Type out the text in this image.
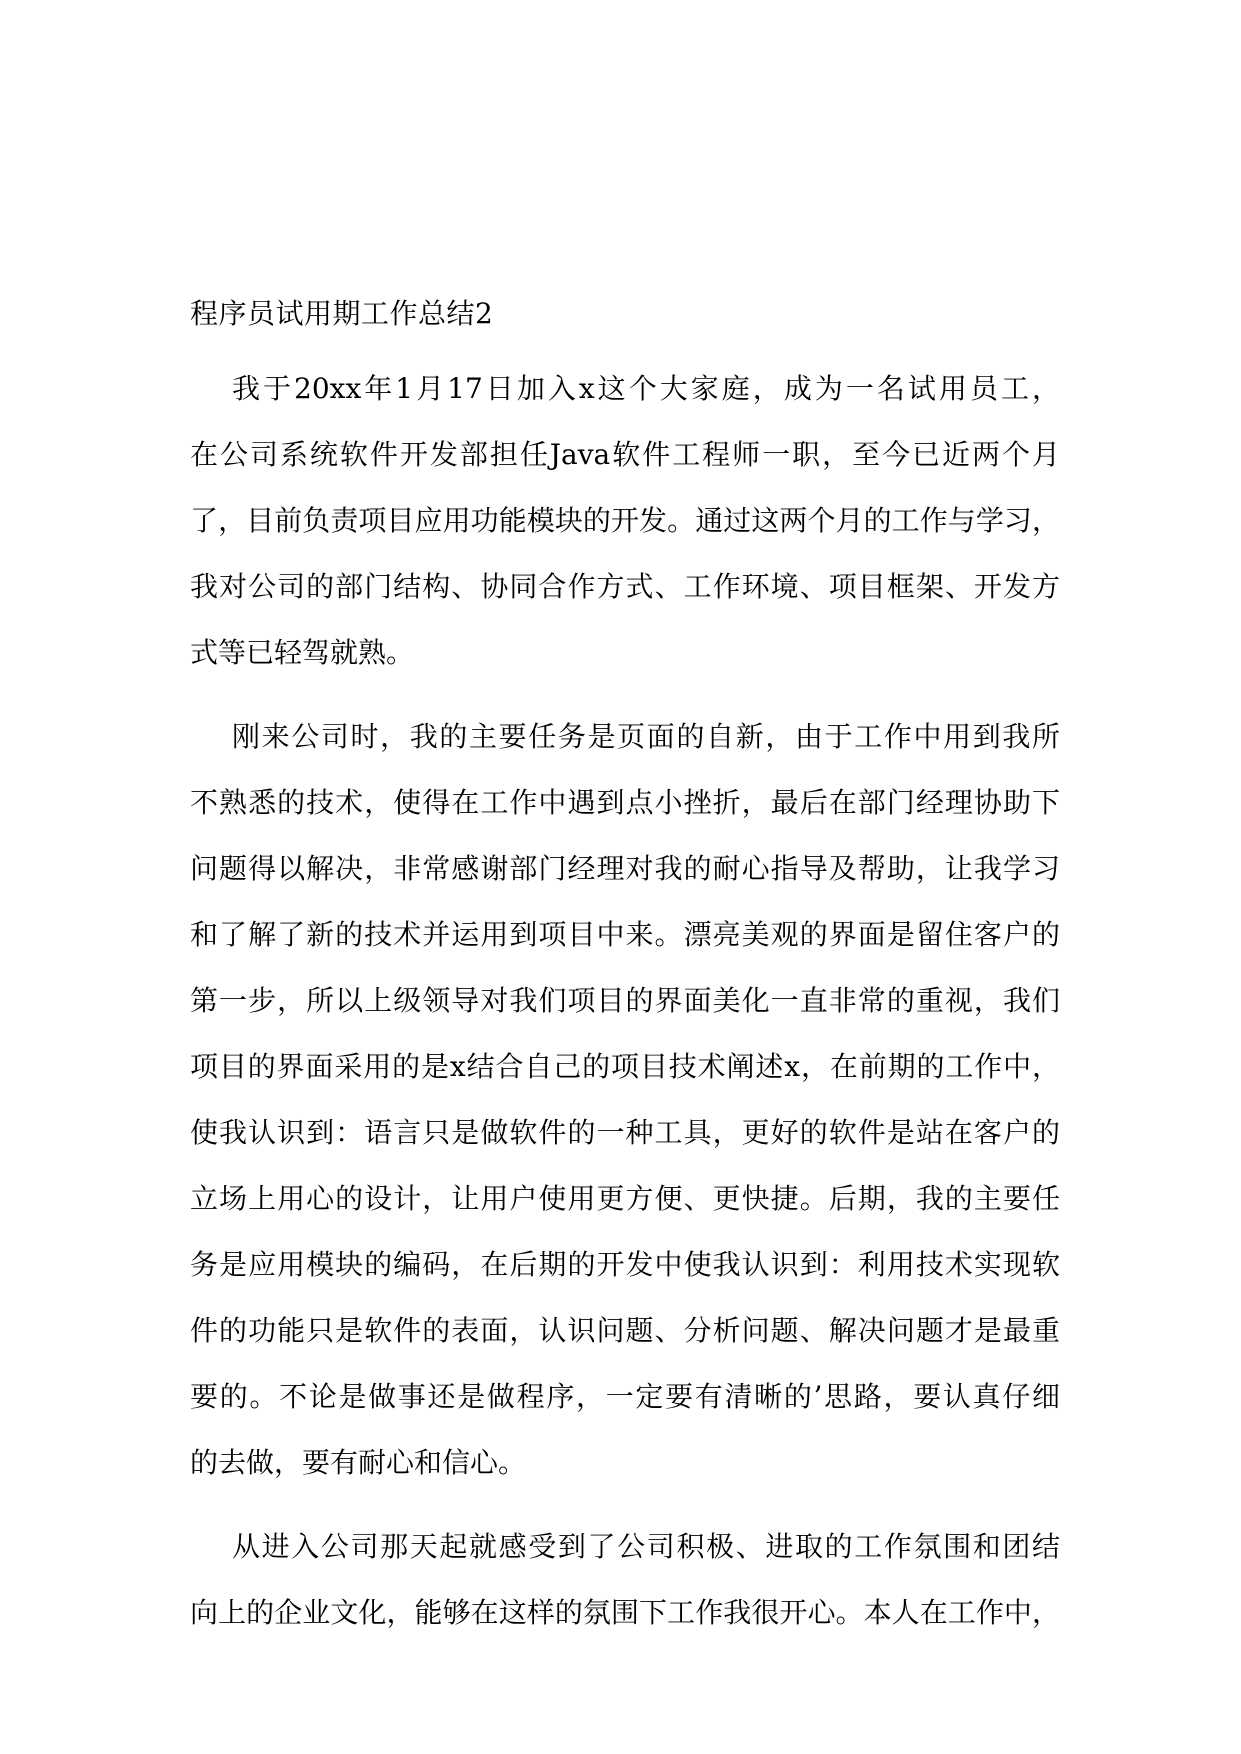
程序员试用期工作总结2
我于20xx年1月17日加入x这个大家庭，成为一名试用员工，
在公司系统软件开发部担任Java软件工程师一职，至今已近两个月
了，目前负责项目应用功能模块的开发。通过这两个月的工作与学习，
我对公司的部门结构、协同合作方式、工作环境、项目框架、开发方
式等已轻驾就熟。
刚来公司时，我的主要任务是页面的自新，由于工作中用到我所
不熟悉的技术，使得在工作中遇到点小挫折，最后在部门经理协助下
问题得以解决，非常感谢部门经理对我的耐心指导及帮助，让我学习
和了解了新的技术并运用到项目中来。漂亮美观的界面是留住客户的
第一步，所以上级领导对我们项目的界面美化一直非常的重视，我们
项目的界面采用的是x结合自己的项目技术阐述x，在前期的工作中，
使我认识到：语言只是做软件的一种工具，更好的软件是站在客户的
立场上用心的设计，让用户使用更方便、更快捷。后期，我的主要任
务是应用模块的编码，在后期的开发中使我认识到：利用技术实现软
件的功能只是软件的表面，认识问题、分析问题、解决问题才是最重
要的。不论是做事还是做程序，一定要有清晰的’思路，要认真仔细
的去做，要有耐心和信心。
从进入公司那天起就感受到了公司积极、进取的工作氛围和团结
向上的企业文化，能够在这样的氛围下工作我很开心。本人在工作中，
